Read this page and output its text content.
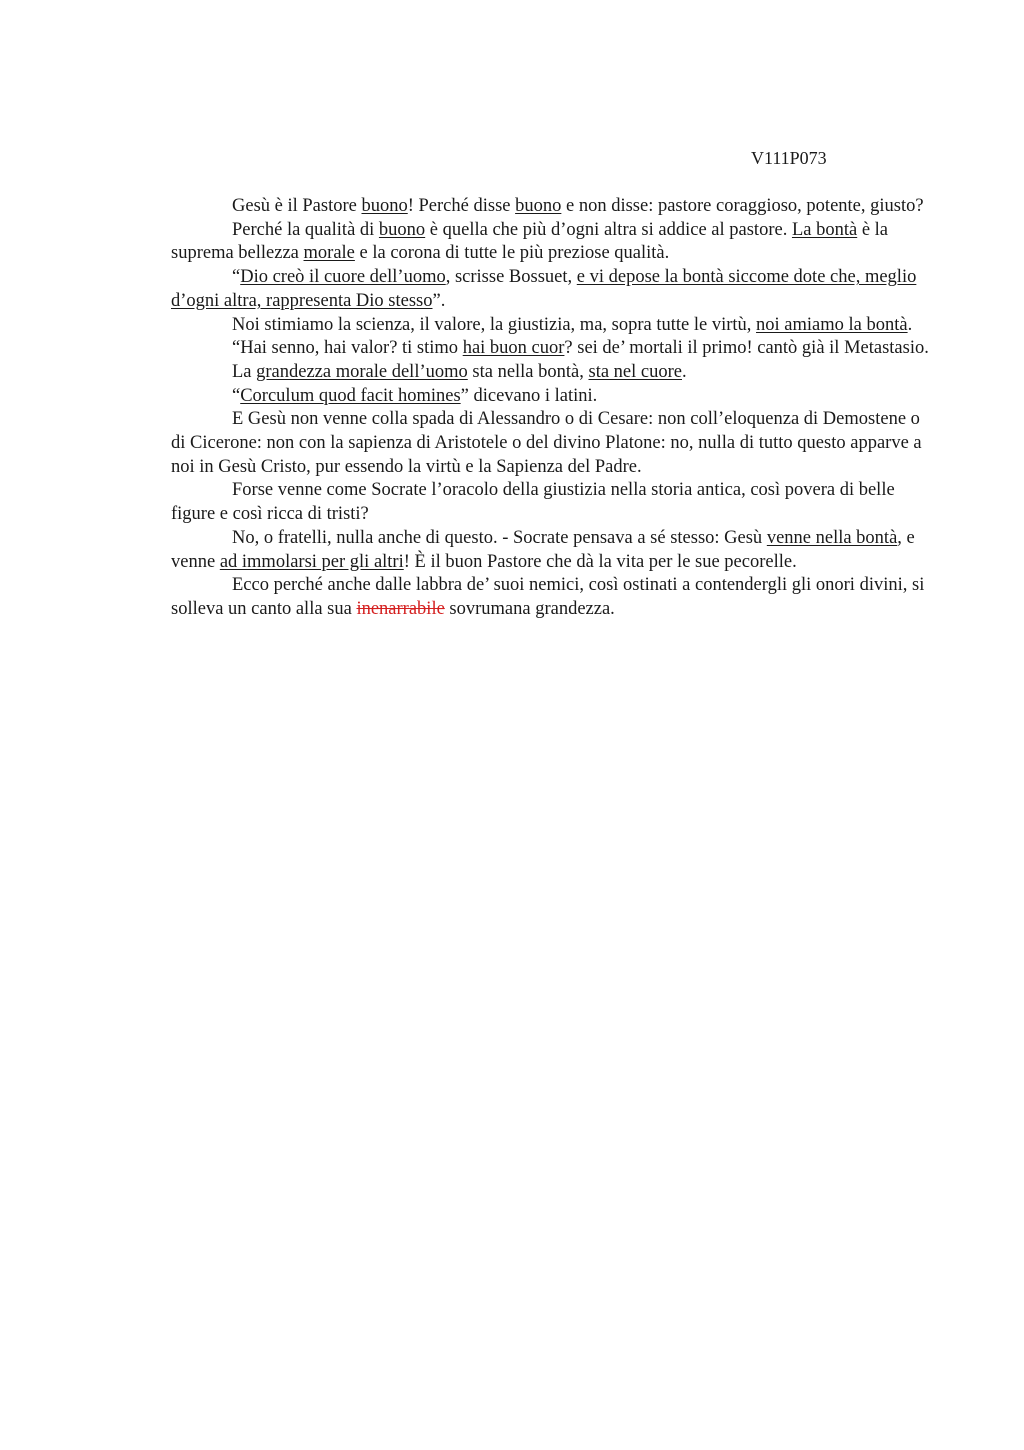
V111P073

Gesù è il Pastore buono! Perché disse buono e non disse: pastore coraggioso, potente, giusto?

Perché la qualità di buono è quella che più d’ogni altra si addice al pastore. La bontà è la suprema bellezza morale e la corona di tutte le più preziose qualità.

“Dio creò il cuore dell’uomo, scrisse Bossuet, e vi depose la bontà siccome dote che, meglio d’ogni altra, rappresenta Dio stesso”.

Noi stimiamo la scienza, il valore, la giustizia, ma, sopra tutte le virtù, noi amiamo la bontà.

“Hai senno, hai valor? ti stimo hai buon cuor? sei de’ mortali il primo! cantò già il Metastasio.

La grandezza morale dell’uomo sta nella bontà, sta nel cuore.

“Corculum quod facit homines” dicevano i latini.

E Gesù non venne colla spada di Alessandro o di Cesare: non coll’eloquenza di Demostene o di Cicerone: non con la sapienza di Aristotele o del divino Platone: no, nulla di tutto questo apparve a noi in Gesù Cristo, pur essendo la virtù e la Sapienza del Padre.

Forse venne come Socrate l’oracolo della giustizia nella storia antica, così povera di belle figure e così ricca di tristi?

No, o fratelli, nulla anche di questo. - Socrate pensava a sé stesso: Gesù venne nella bontà, e venne ad immolarsi per gli altri! È il buon Pastore che dà la vita per le sue pecorelle.

Ecco perché anche dalle labbra de’ suoi nemici, così ostinati a contendergli gli onori divini, si solleva un canto alla sua inenarrabile sovrumana grandezza.
